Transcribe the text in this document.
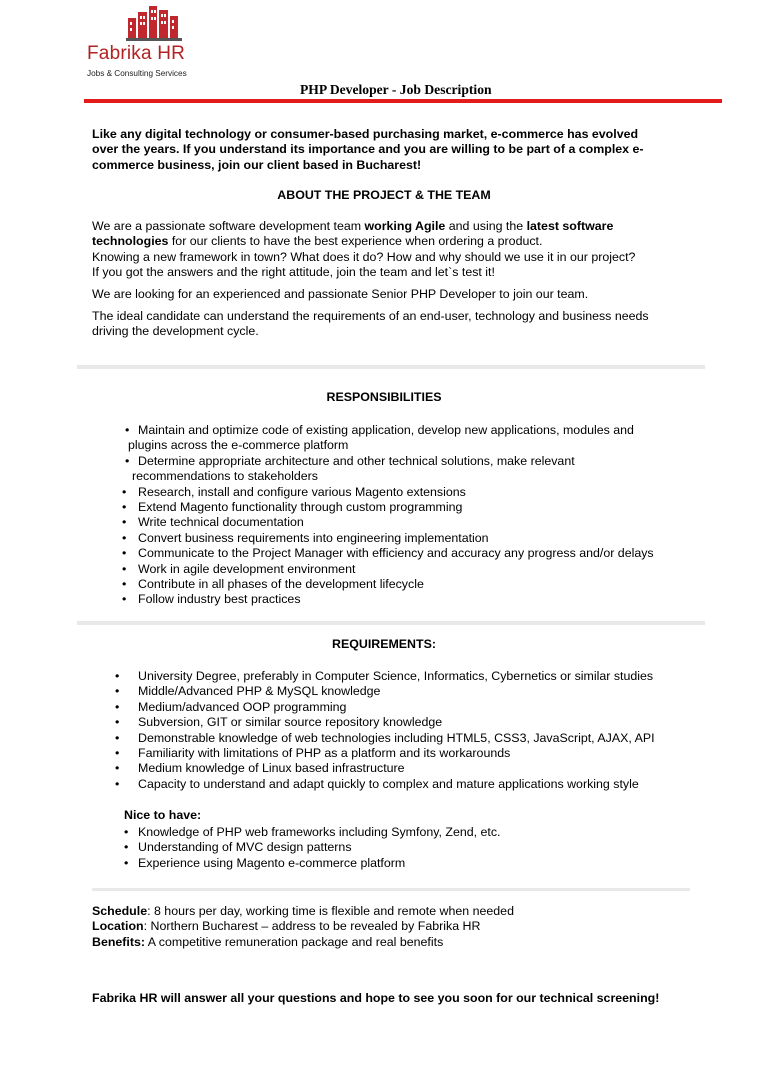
Fabrika HR
Jobs & Consulting Services
PHP Developer - Job Description
Like any digital technology or consumer-based purchasing market, e-commerce has evolved
over the years. If you understand its importance and you are willing to be part of a complex e-
commerce business, join our client based in Bucharest!
ABOUT THE PROJECT & THE TEAM
We are a passionate software development team working Agile and using the latest software
technologies for our clients to have the best experience when ordering a product.
Knowing a new framework in town? What does it do? How and why should we use it in our project?
If you got the answers and the right attitude, join the team and let`s test it!
We are looking for an experienced and passionate Senior PHP Developer to join our team.
The ideal candidate can understand the requirements of an end-user, technology and business needs
driving the development cycle.
RESPONSIBILITIES
• Maintain and optimize code of existing application, develop new applications, modules and
plugins across the e-commerce platform
• Determine appropriate architecture and other technical solutions, make relevant
recommendations to stakeholders
• Research, install and configure various Magento extensions
• Extend Magento functionality through custom programming
• Write technical documentation
• Convert business requirements into engineering implementation
• Communicate to the Project Manager with efficiency and accuracy any progress and/or delays
• Work in agile development environment
• Contribute in all phases of the development lifecycle
• Follow industry best practices
REQUIREMENTS:
• University Degree, preferably in Computer Science, Informatics, Cybernetics or similar studies
• Middle/Advanced PHP & MySQL knowledge
• Medium/advanced OOP programming
• Subversion, GIT or similar source repository knowledge
• Demonstrable knowledge of web technologies including HTML5, CSS3, JavaScript, AJAX, API
• Familiarity with limitations of PHP as a platform and its workarounds
• Medium knowledge of Linux based infrastructure
• Capacity to understand and adapt quickly to complex and mature applications working style
Nice to have:
• Knowledge of PHP web frameworks including Symfony, Zend, etc.
• Understanding of MVC design patterns
• Experience using Magento e-commerce platform
Schedule: 8 hours per day, working time is flexible and remote when needed
Location: Northern Bucharest – address to be revealed by Fabrika HR
Benefits: A competitive remuneration package and real benefits
Fabrika HR will answer all your questions and hope to see you soon for our technical screening!
